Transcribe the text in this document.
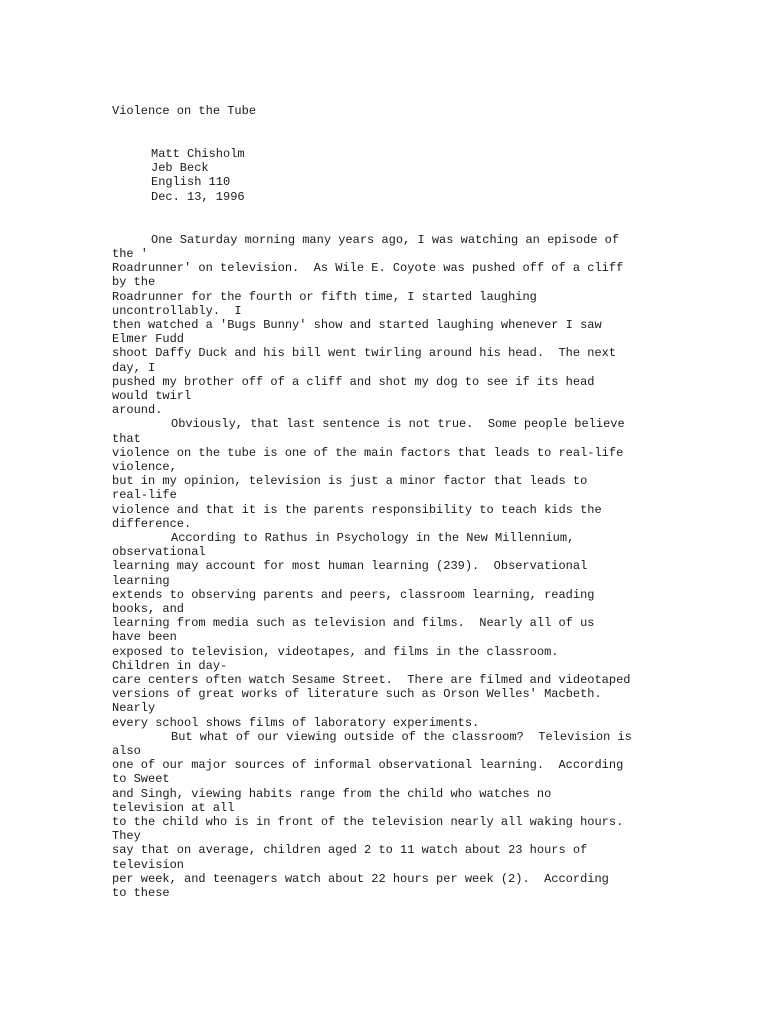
Violence on the Tube
Matt Chisholm
Jeb Beck
English 110
Dec. 13, 1996
One Saturday morning many years ago, I was watching an episode of
the '
Roadrunner' on television.  As Wile E. Coyote was pushed off of a cliff
by the
Roadrunner for the fourth or fifth time, I started laughing
uncontrollably.  I
then watched a 'Bugs Bunny' show and started laughing whenever I saw
Elmer Fudd
shoot Daffy Duck and his bill went twirling around his head.  The next
day, I
pushed my brother off of a cliff and shot my dog to see if its head
would twirl
around.
Obviously, that last sentence is not true.  Some people believe
that
violence on the tube is one of the main factors that leads to real-life
violence,
but in my opinion, television is just a minor factor that leads to
real-life
violence and that it is the parents responsibility to teach kids the
difference.
According to Rathus in Psychology in the New Millennium,
observational
learning may account for most human learning (239).  Observational
learning
extends to observing parents and peers, classroom learning, reading
books, and
learning from media such as television and films.  Nearly all of us
have been
exposed to television, videotapes, and films in the classroom.
Children in day-
care centers often watch Sesame Street.  There are filmed and videotaped
versions of great works of literature such as Orson Welles' Macbeth.
Nearly
every school shows films of laboratory experiments.
But what of our viewing outside of the classroom?  Television is
also
one of our major sources of informal observational learning.  According
to Sweet
and Singh, viewing habits range from the child who watches no
television at all
to the child who is in front of the television nearly all waking hours.
They
say that on average, children aged 2 to 11 watch about 23 hours of
television
per week, and teenagers watch about 22 hours per week (2).  According
to these
